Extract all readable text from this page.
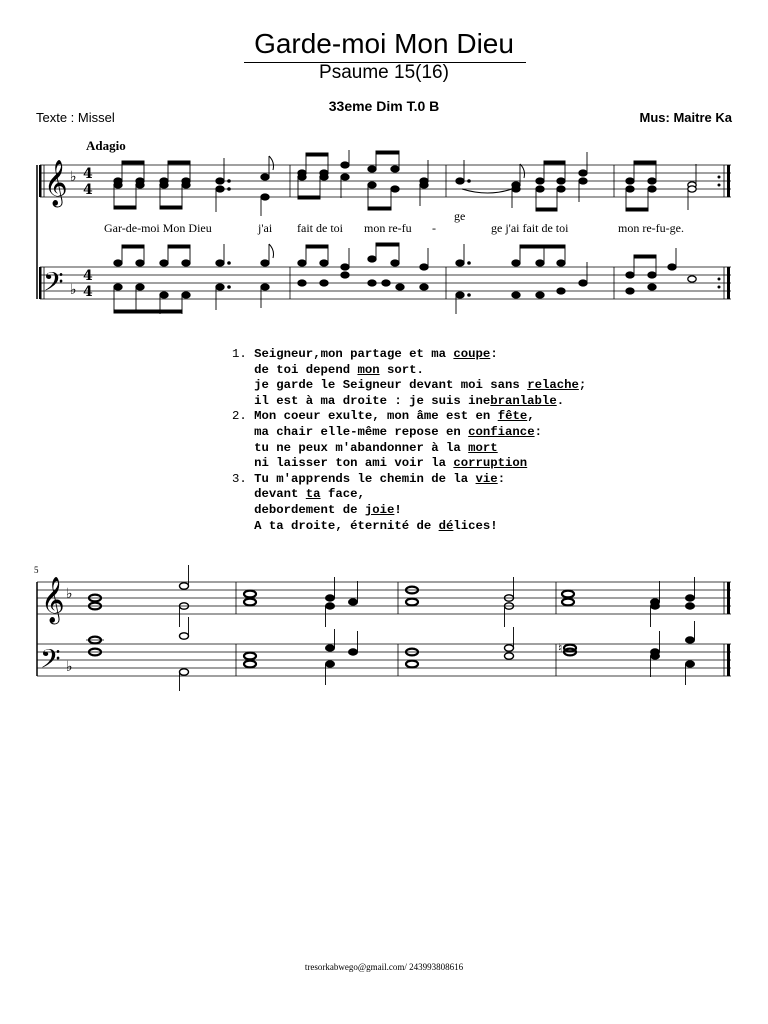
Garde-moi Mon Dieu
Psaume 15(16)
Texte : Missel
33eme Dim T.0 B
Mus: Maitre Ka
Adagio
𝄞
𝄢
♭
♭
4
4
4
4
Gar-de-moi Mon Dieu	j'ai fait de toi mon re-fu -
ge
ge j'ai fait de toi	mon re-fu-ge.
1. Seigneur,mon partage et ma coupe:
de toi depend mon sort.
je garde le Seigneur devant moi sans relache;
il est à ma droite : je suis inebranlable.
2. Mon coeur exulte, mon âme est en fête,
ma chair elle-même repose en confiance:
tu ne peux m'abandonner à la mort
ni laisser ton ami voir la corruption
3. Tu m'apprends le chemin de la vie:
devant ta face,
debordement de joie!
A ta droite, éternité de délices!
5
𝄞
𝄢
♭
♭
♮
tresorkabwego@gmail.com/ 243993808616
